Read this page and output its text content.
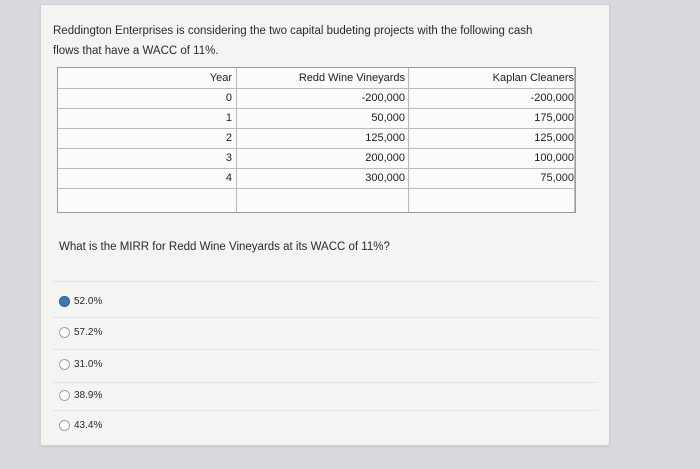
Reddington Enterprises is considering the two capital budeting projects with the following cash
flows that have a WACC of 11%.
Year	Redd Wine Vineyards	Kaplan Cleaners
0	-200,000	-200,000
1	50,000	175,000
2	125,000	125,000
3	200,000	100,000
4	300,000	75,000
What is the MIRR for Redd Wine Vineyards at its WACC of 11%?
52.0%
57.2%
31.0%
38.9%
43.4%
